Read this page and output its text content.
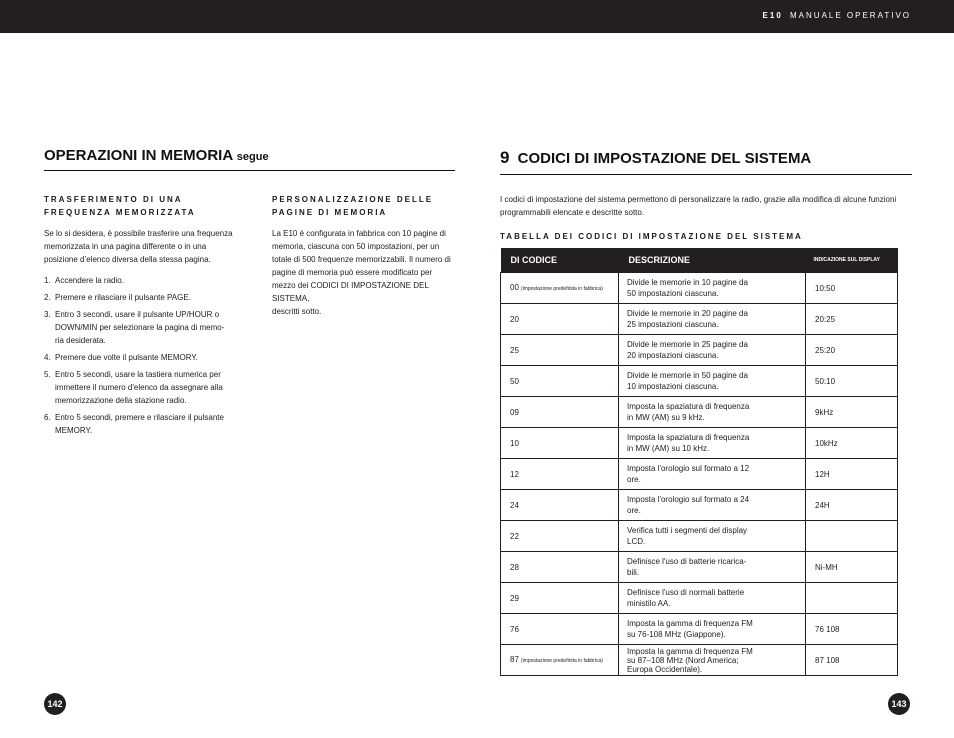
E10 MANUALE OPERATIVO
OPERAZIONI IN MEMORIA segue
TRASFERIMENTO DI UNA
FREQUENZA MEMORIZZATA
Se lo si desidera, è possibile trasferire una frequenza
memorizzata in una pagina differente o in una
posizione d’elenco diversa della stessa pagina.
1. Accendere la radio.
2. Premere e rilasciare il pulsante PAGE.
3. Entro 3 secondi, usare il pulsante UP/HOUR o
DOWN/MIN per selezionare la pagina di memo-
ria desiderata.
4. Premere due volte il pulsante MEMORY.
5. Entro 5 secondi, usare la tastiera numerica per
immettere il numero d'elenco da assegnare alla
memorizzazione della stazione radio.
6. Entro 5 secondi, premere e rilasciare il pulsante
MEMORY.
PERSONALIZZAZIONE DELLE
PAGINE DI MEMORIA
La E10 è configurata in fabbrica con 10 pagine di
memoria, ciascuna con 50 impostazioni, per un
totale di 500 frequenze memorizzabili. Il numero di
pagine di memoria può essere modificato per
mezzo dei CODICI DI IMPOSTAZIONE DEL SISTEMA,
descritti sotto.
9 CODICI DI IMPOSTAZIONE DEL SISTEMA
I codici di impostazione del sistema permettono di personalizzare la radio, grazie alla modifica di alcune funzioni
programmabili elencate e descritte sotto.
TABELLA DEI CODICI DI IMPOSTAZIONE DEL SISTEMA
DI CODICE	DESCRIZIONE	INDICAZIONE SUL DISPLAY
00 (impostazione predefinita in fabbrica)	Divide le memorie in 10 pagine da
50 impostazioni ciascuna.	10:50
20	Divide le memorie in 20 pagine da
25 impostazioni ciascuna.	20:25
25	Divide le memorie in 25 pagine da
20 impostazioni ciascuna.	25:20
50	Divide le memorie in 50 pagine da
10 impostazioni ciascuna.	50:10
09	Imposta la spaziatura di frequenza
in MW (AM) su 9 kHz.	9kHz
10	Imposta la spaziatura di frequenza
in MW (AM) su 10 kHz.	10kHz
12	Imposta l'orologio sul formato a 12
ore.	12H
24	Imposta l'orologio sul formato a 24
ore.	24H
22	Verifica tutti i segmenti del display
LCD.	

28	Definisce l'uso di batterie ricarica-
bili.	Ni-MH
29	Definisce l'uso di normali batterie
ministilo AA.	

76	Imposta la gamma di frequenza FM
su 76-108 MHz (Giappone).	76 108
87 (impostazione predefinita in fabbrica)	Imposta la gamma di frequenza FM
su 87–108 MHz (Nord America;
Europa Occidentale).	87 108
142	143
